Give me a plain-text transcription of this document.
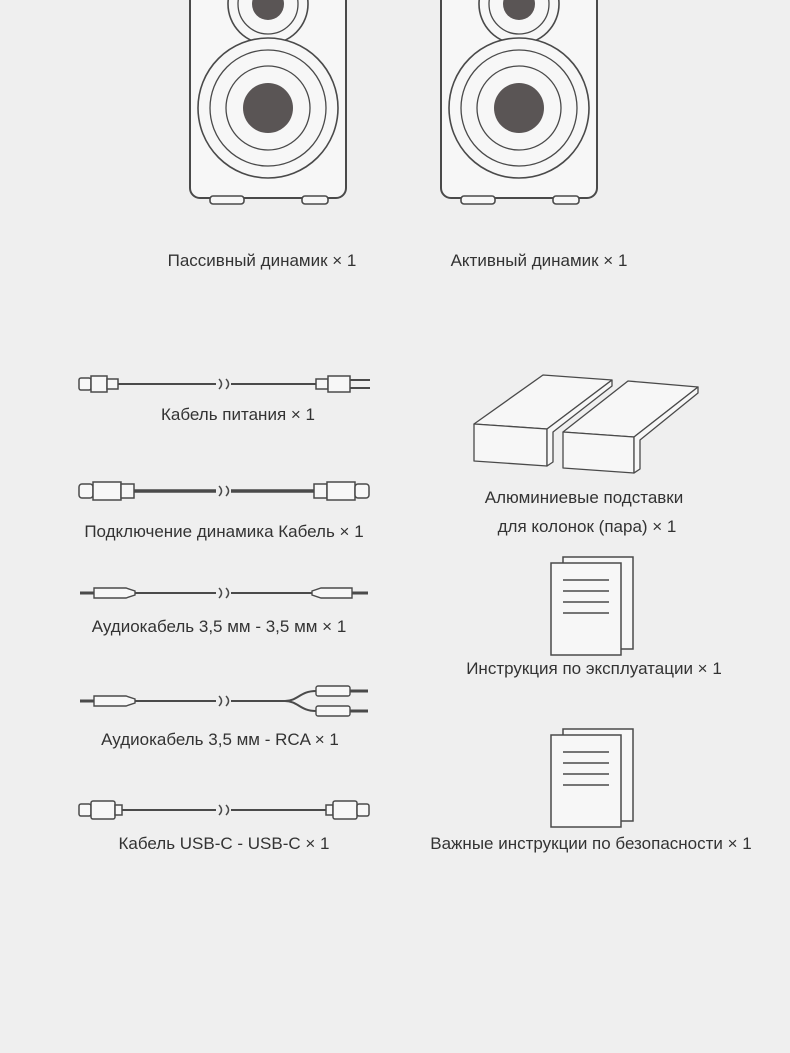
Пассивный динамик × 1	Активный динамик × 1
Кабель питания × 1
Подключение динамика Кабель × 1
Аудиокабель 3,5 мм - 3,5 мм × 1
Аудиокабель 3,5 мм - RCA × 1
Кабель USB-C - USB-C × 1
Алюминиевые подставки
для колонок (пара) × 1
Инструкция по эксплуатации × 1
Важные инструкции по безопасности × 1
